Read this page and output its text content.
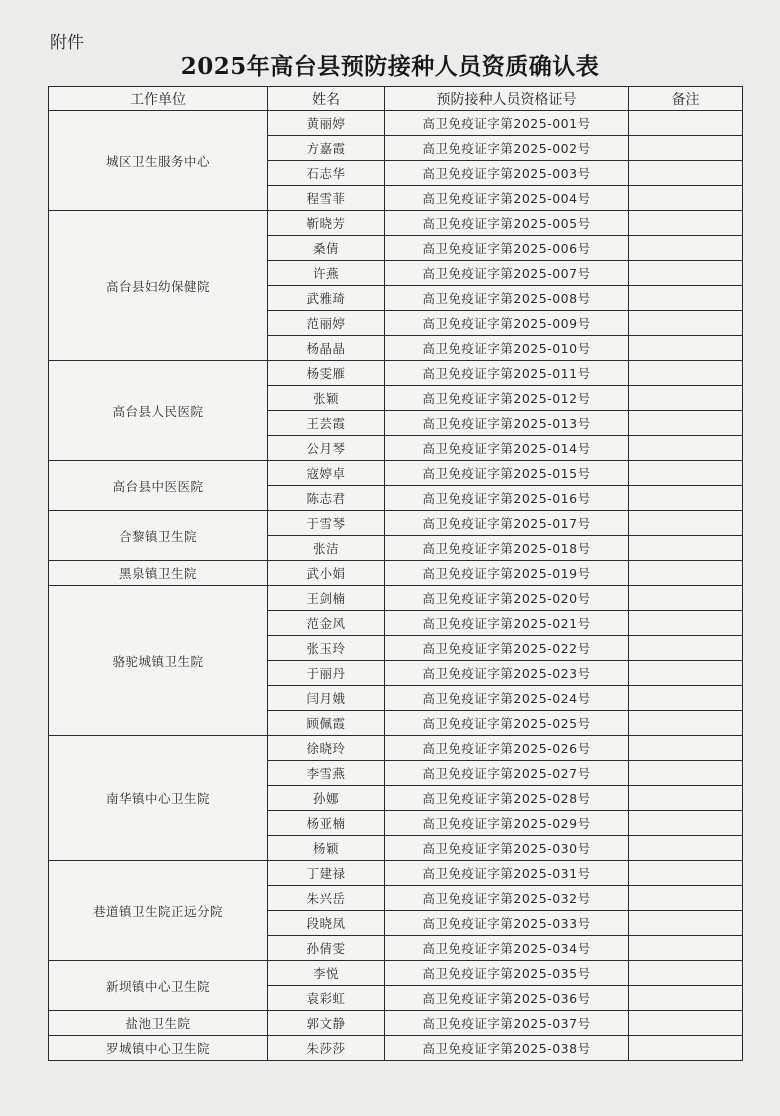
附件
2025年高台县预防接种人员资质确认表
工作单位	姓名	预防接种人员资格证号	备注
城区卫生服务中心	黄丽婷	高卫免疫证字第2025-001号	
	方嘉霞	高卫免疫证字第2025-002号	
	石志华	高卫免疫证字第2025-003号	
	程雪菲	高卫免疫证字第2025-004号	
高台县妇幼保健院	靳晓芳	高卫免疫证字第2025-005号	
	桑倩	高卫免疫证字第2025-006号	
	许燕	高卫免疫证字第2025-007号	
	武雅琦	高卫免疫证字第2025-008号	
	范丽婷	高卫免疫证字第2025-009号	
	杨晶晶	高卫免疫证字第2025-010号	
高台县人民医院	杨雯雁	高卫免疫证字第2025-011号	
	张颖	高卫免疫证字第2025-012号	
	王芸霞	高卫免疫证字第2025-013号	
	公月琴	高卫免疫证字第2025-014号	
高台县中医医院	寇婷卓	高卫免疫证字第2025-015号	
	陈志君	高卫免疫证字第2025-016号	
合黎镇卫生院	于雪琴	高卫免疫证字第2025-017号	
	张洁	高卫免疫证字第2025-018号	
黑泉镇卫生院	武小娟	高卫免疫证字第2025-019号	
骆驼城镇卫生院	王剑楠	高卫免疫证字第2025-020号	
	范金风	高卫免疫证字第2025-021号	
	张玉玲	高卫免疫证字第2025-022号	
	于丽丹	高卫免疫证字第2025-023号	
	闫月娥	高卫免疫证字第2025-024号	
	顾佩霞	高卫免疫证字第2025-025号	
南华镇中心卫生院	徐晓玲	高卫免疫证字第2025-026号	
	李雪燕	高卫免疫证字第2025-027号	
	孙娜	高卫免疫证字第2025-028号	
	杨亚楠	高卫免疫证字第2025-029号	
	杨颖	高卫免疫证字第2025-030号	
巷道镇卫生院正远分院	丁建禄	高卫免疫证字第2025-031号	
	朱兴岳	高卫免疫证字第2025-032号	
	段晓凤	高卫免疫证字第2025-033号	
	孙倩雯	高卫免疫证字第2025-034号	
新坝镇中心卫生院	李悦	高卫免疫证字第2025-035号	
	袁彩虹	高卫免疫证字第2025-036号	
盐池卫生院	郭文静	高卫免疫证字第2025-037号	
罗城镇中心卫生院	朱莎莎	高卫免疫证字第2025-038号	
